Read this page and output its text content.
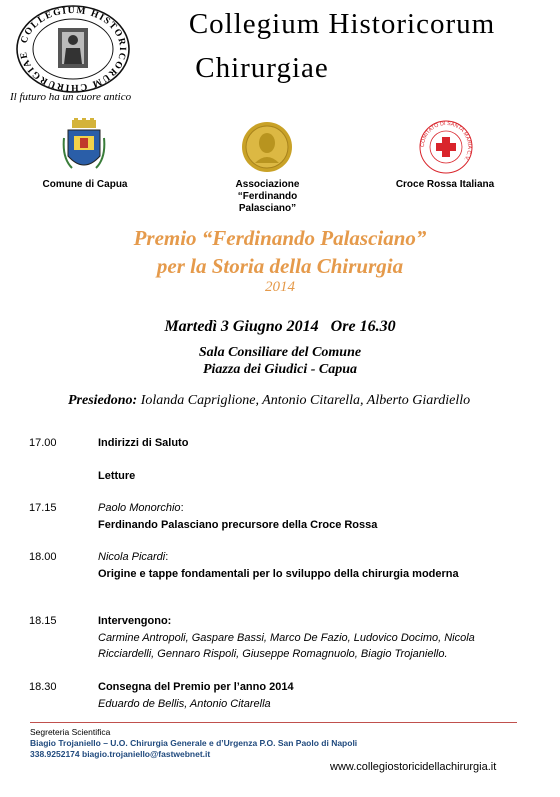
COLLEGIUM HISTORICORUM CHIRURGIAE
Il futuro ha un cuore antico
Collegium Historicorum
Chirurgiae
Comune di Capua	Associazione
“Ferdinando Palasciano”
COMITATO DI SANTA MARIA C.V.
Croce Rossa Italiana
Premio “Ferdinando Palasciano”
per la Storia della Chirurgia
2014
Martedì 3 Giugno 2014   Ore 16.30
Sala Consiliare del Comune
Piazza dei Giudici - Capua
Presiedono: Iolanda Capriglione, Antonio Citarella, Alberto Giardiello
17.00	Indirizzi di Saluto
Letture
17.15	Paolo Monorchio:
Ferdinando Palasciano precursore della Croce Rossa
18.00	Nicola Picardi:
Origine e tappe fondamentali per lo sviluppo della chirurgia moderna
18.15	Intervengono:
Carmine Antropoli, Gaspare Bassi, Marco De Fazio, Ludovico Docimo, Nicola
Ricciardelli, Gennaro Rispoli, Giuseppe Romagnuolo, Biagio Trojaniello.
18.30	Consegna del Premio per l’anno 2014
Eduardo de Bellis, Antonio Citarella
Segreteria Scientifica
Biagio Trojaniello – U.O. Chirurgia Generale e d’Urgenza P.O. San Paolo di Napoli
338.9252174 biagio.trojaniello@fastwebnet.it
www.collegiostoricidellachirurgia.it
